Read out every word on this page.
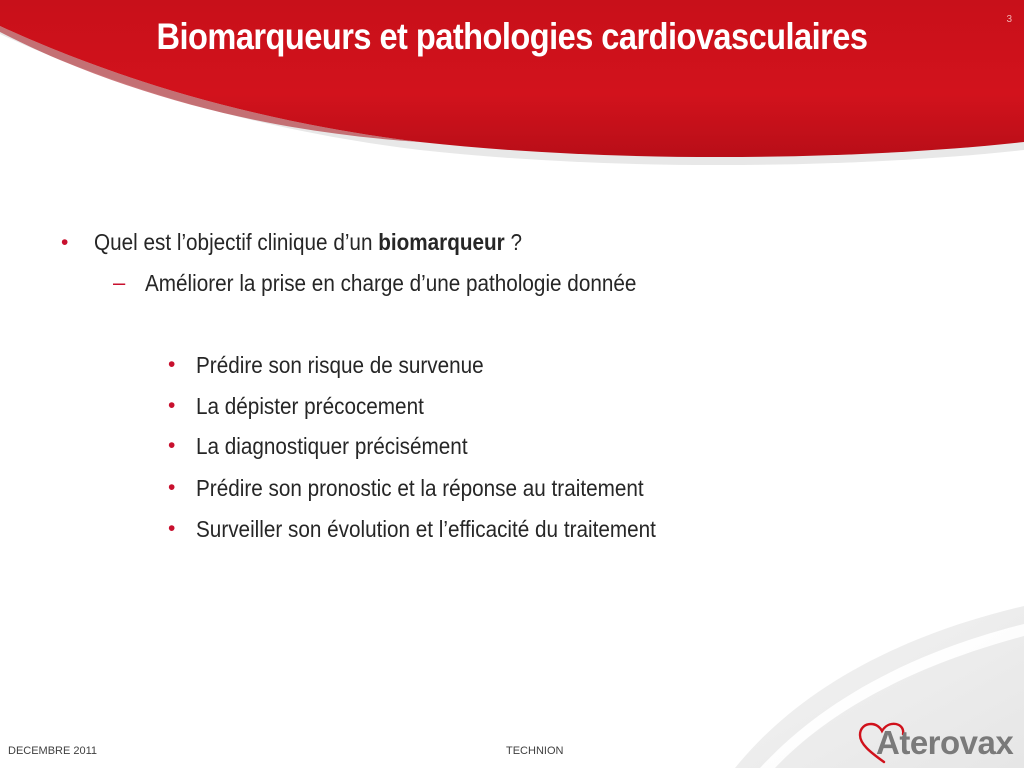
Biomarqueurs et pathologies cardiovasculaires	3
• Quel est l’objectif clinique d’un biomarqueur ?
– Améliorer la prise en charge d’une pathologie donnée
• Prédire son risque de survenue
• La dépister précocement
• La diagnostiquer précisément
• Prédire son pronostic et la réponse au traitement
• Surveiller son évolution et l’efficacité du traitement
DECEMBRE 2011	TECHNION	Aterovax
